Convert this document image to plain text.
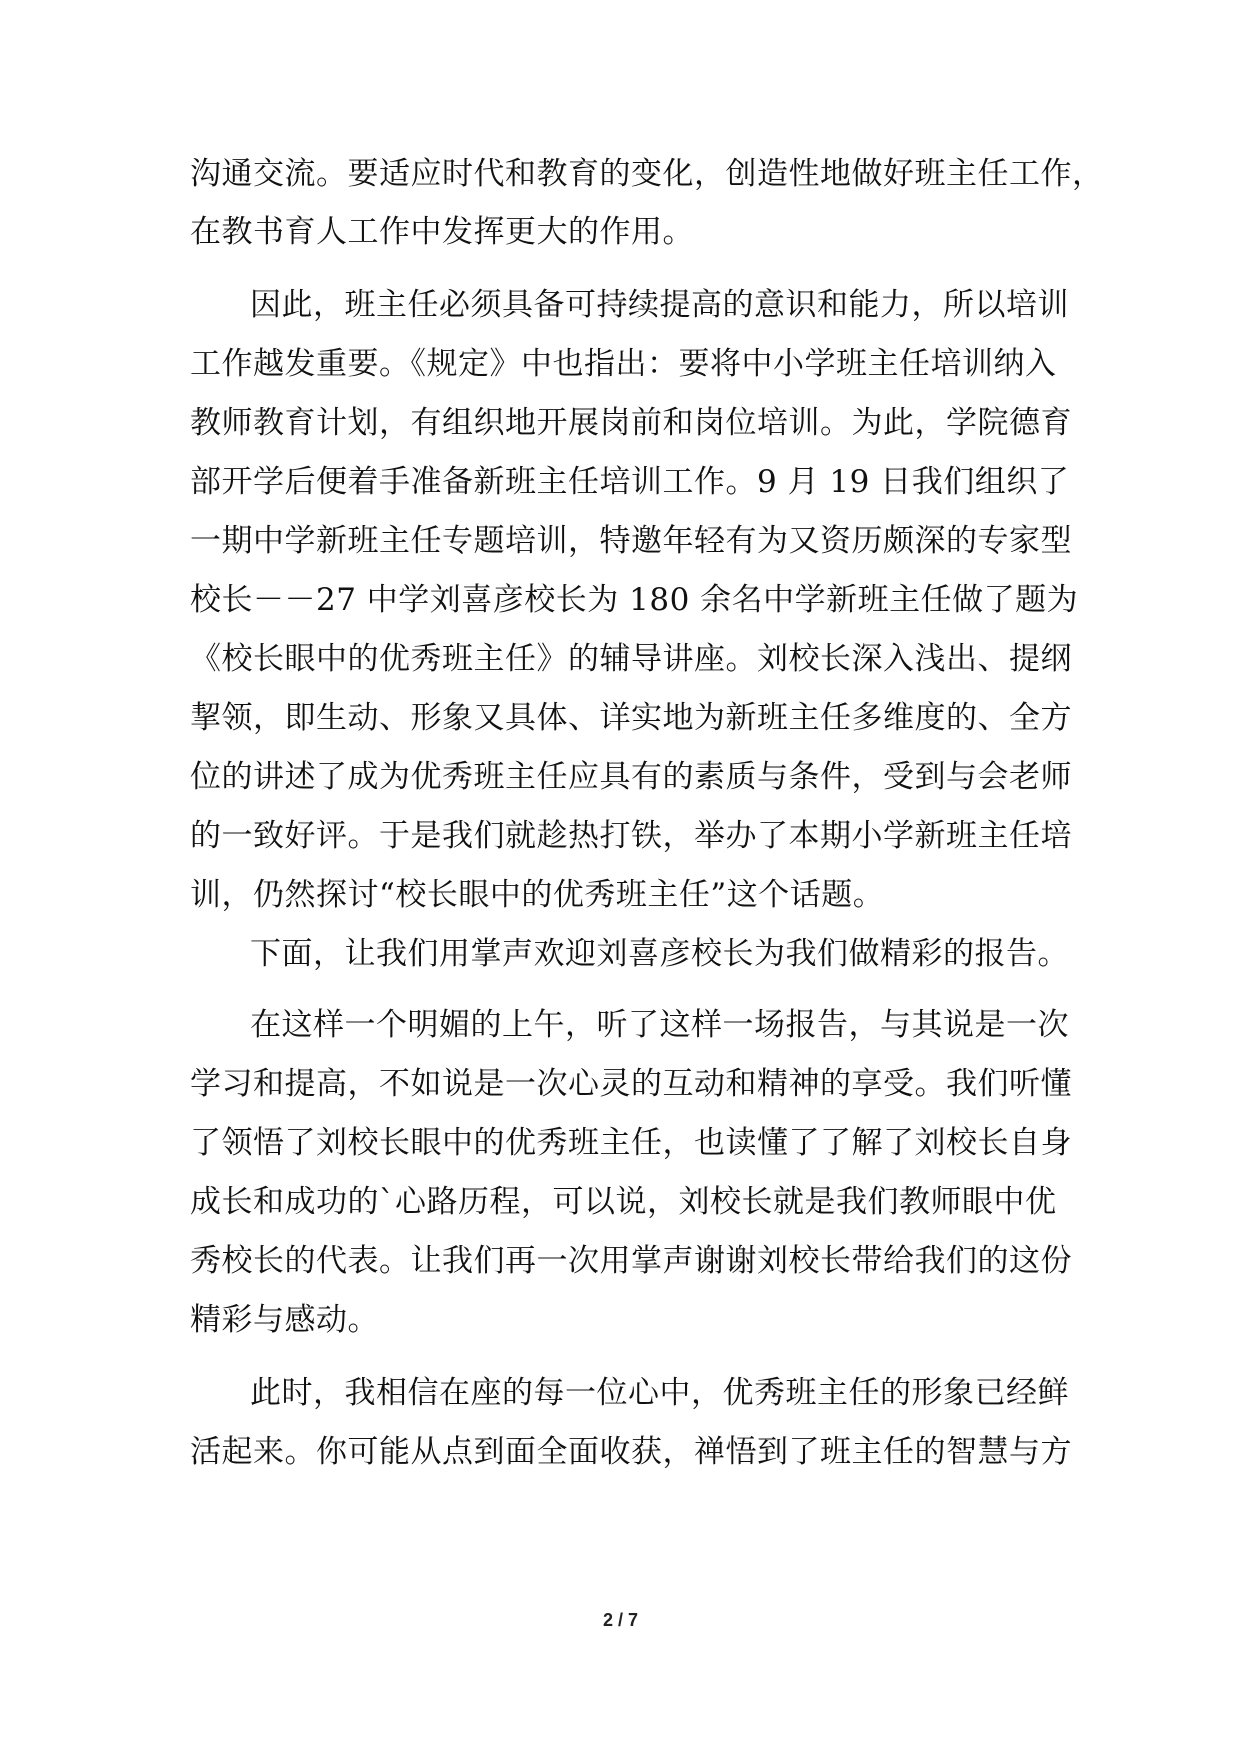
沟通交流。要适应时代和教育的变化，创造性地做好班主任工作，
在教书育人工作中发挥更大的作用。
因此，班主任必须具备可持续提高的意识和能力，所以培训
工作越发重要。《规定》中也指出：要将中小学班主任培训纳入
教师教育计划，有组织地开展岗前和岗位培训。为此，学院德育
部开学后便着手准备新班主任培训工作。9 月 19 日我们组织了
一期中学新班主任专题培训，特邀年轻有为又资历颇深的专家型
校长－－27 中学刘喜彦校长为 180 余名中学新班主任做了题为
《校长眼中的优秀班主任》的辅导讲座。刘校长深入浅出、提纲
挈领，即生动、形象又具体、详实地为新班主任多维度的、全方
位的讲述了成为优秀班主任应具有的素质与条件，受到与会老师
的一致好评。于是我们就趁热打铁，举办了本期小学新班主任培
训，仍然探讨“校长眼中的优秀班主任”这个话题。
下面，让我们用掌声欢迎刘喜彦校长为我们做精彩的报告。
在这样一个明媚的上午，听了这样一场报告，与其说是一次
学习和提高，不如说是一次心灵的互动和精神的享受。我们听懂
了领悟了刘校长眼中的优秀班主任，也读懂了了解了刘校长自身
成长和成功的`心路历程，可以说，刘校长就是我们教师眼中优
秀校长的代表。让我们再一次用掌声谢谢刘校长带给我们的这份
精彩与感动。
此时，我相信在座的每一位心中，优秀班主任的形象已经鲜
活起来。你可能从点到面全面收获，禅悟到了班主任的智慧与方
2 / 7
